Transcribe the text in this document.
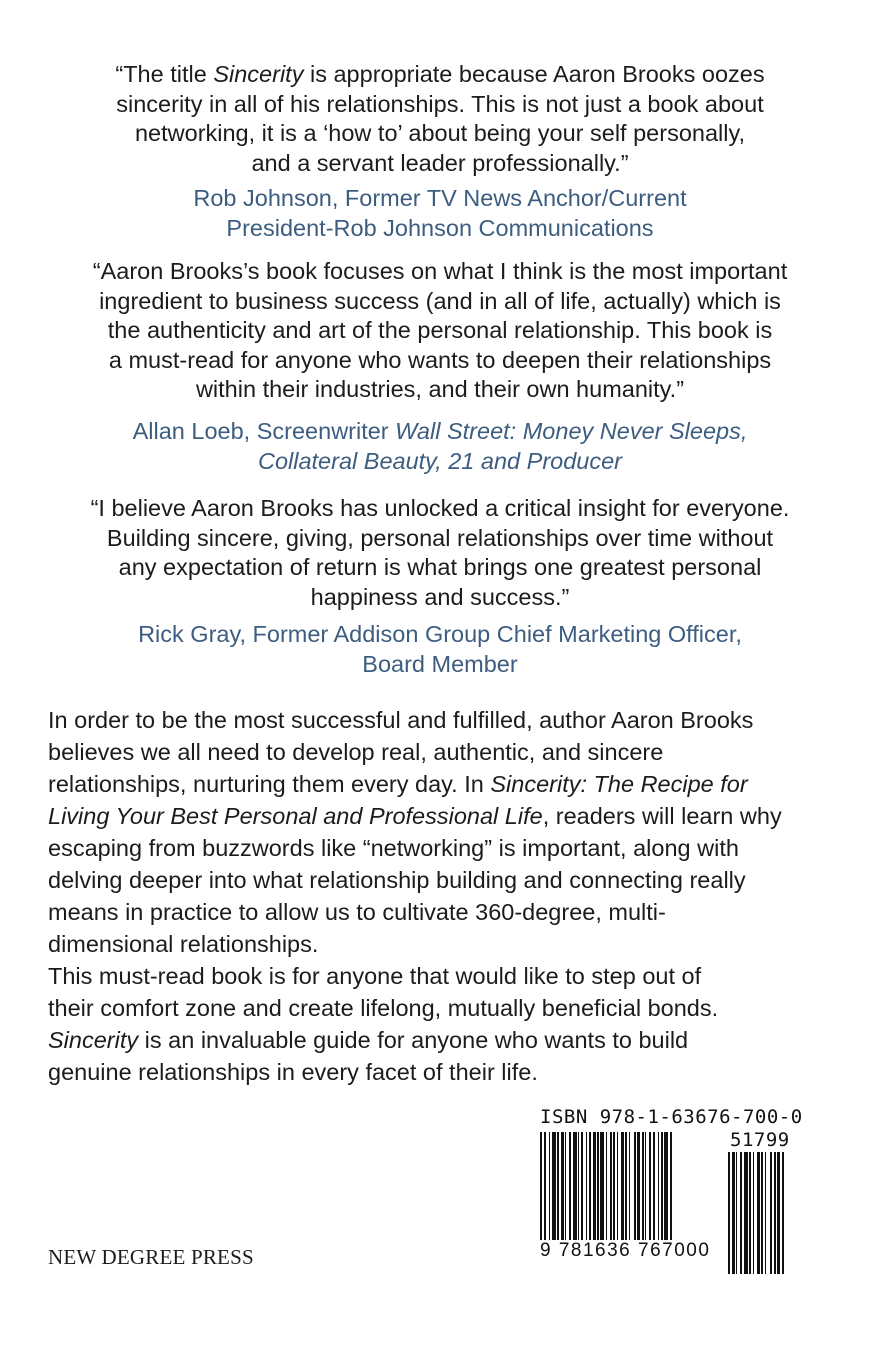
“The title Sincerity is appropriate because Aaron Brooks oozes
sincerity in all of his relationships. This is not just a book about
networking, it is a ‘how to’ about being your self personally,
and a servant leader professionally.”
Rob Johnson, Former TV News Anchor/Current
President-Rob Johnson Communications
“Aaron Brooks’s book focuses on what I think is the most important
ingredient to business success (and in all of life, actually) which is
the authenticity and art of the personal relationship. This book is
a must-read for anyone who wants to deepen their relationships
within their industries, and their own humanity.”
Allan Loeb, Screenwriter Wall Street: Money Never Sleeps,
Collateral Beauty, 21 and Producer
“I believe Aaron Brooks has unlocked a critical insight for everyone.
Building sincere, giving, personal relationships over time without
any expectation of return is what brings one greatest personal
happiness and success.”
Rick Gray, Former Addison Group Chief Marketing Officer,
Board Member
In order to be the most successful and fulfilled, author Aaron Brooks
believes we all need to develop real, authentic, and sincere
relationships, nurturing them every day. In Sincerity: The Recipe for
Living Your Best Personal and Professional Life, readers will learn why
escaping from buzzwords like “networking” is important, along with
delving deeper into what relationship building and connecting really
means in practice to allow us to cultivate 360-degree, multi-
dimensional relationships.
This must-read book is for anyone that would like to step out of
their comfort zone and create lifelong, mutually beneficial bonds.
Sincerity is an invaluable guide for anyone who wants to build
genuine relationships in every facet of their life.
ISBN 978-1-63676-700-0
51799
9 781636 767000
NEW DEGREE PRESS
